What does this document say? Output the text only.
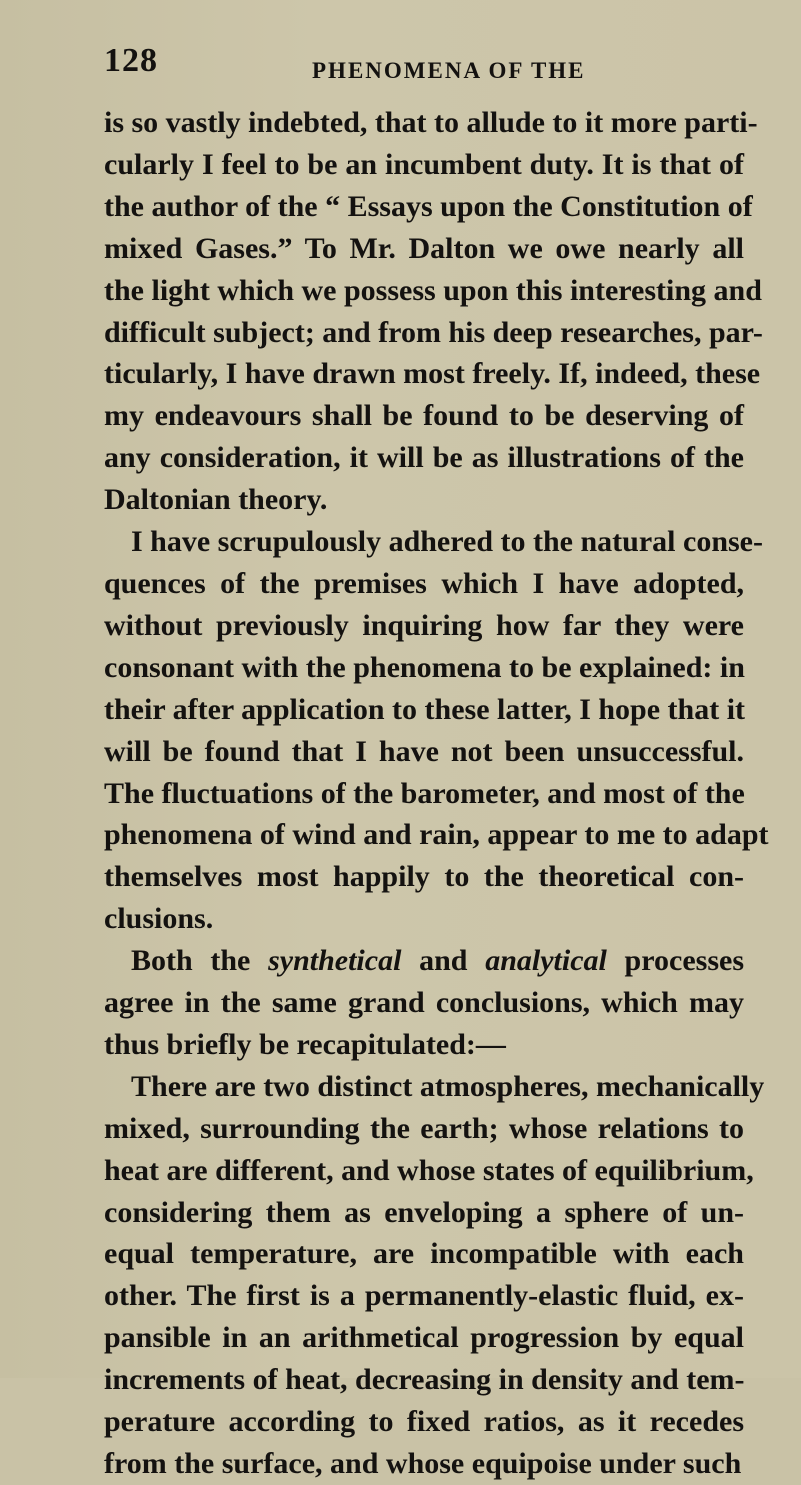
128	PHENOMENA OF THE
is so vastly indebted, that to allude to it more parti-
cularly I feel to be an incumbent duty. It is that of
the author of the “ Essays upon the Constitution of
mixed Gases.” To Mr. Dalton we owe nearly all
the light which we possess upon this interesting and
difficult subject; and from his deep researches, par-
ticularly, I have drawn most freely. If, indeed, these
my endeavours shall be found to be deserving of
any consideration, it will be as illustrations of the
Daltonian theory.
I have scrupulously adhered to the natural conse-
quences of the premises which I have adopted,
without previously inquiring how far they were
consonant with the phenomena to be explained: in
their after application to these latter, I hope that it
will be found that I have not been unsuccessful.
The fluctuations of the barometer, and most of the
phenomena of wind and rain, appear to me to adapt
themselves most happily to the theoretical con-
clusions.
Both the synthetical and analytical processes
agree in the same grand conclusions, which may
thus briefly be recapitulated:—
There are two distinct atmospheres, mechanically
mixed, surrounding the earth; whose relations to
heat are different, and whose states of equilibrium,
considering them as enveloping a sphere of un-
equal temperature, are incompatible with each
other. The first is a permanently-elastic fluid, ex-
pansible in an arithmetical progression by equal
increments of heat, decreasing in density and tem-
perature according to fixed ratios, as it recedes
from the surface, and whose equipoise under such
